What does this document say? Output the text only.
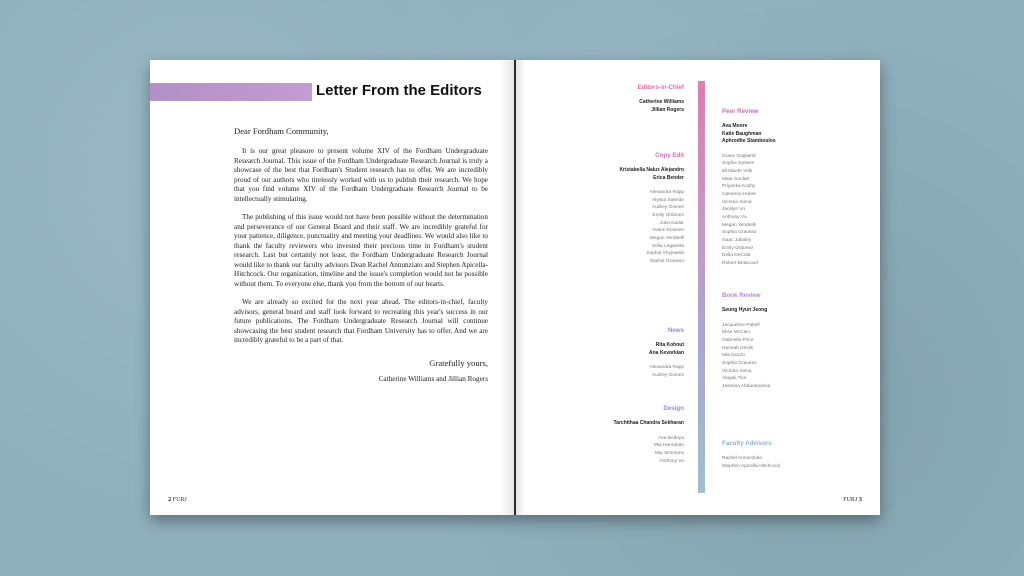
Letter From the Editors
Dear Fordham Community,

It is our great pleasure to present volume XIV of the Fordham Undergraduate Research Journal. This issue of the Fordham Undergraduate Research Journal is truly a showcase of the best that Fordham's Student research has to offer. We are incredibly proud of our authors who tirelessly worked with us to publish their research. We hope that you find volume XIV of the Fordham Undergraduate Research Journal to be intellectually stimulating.

The publishing of this issue would not have been possible without the determination and perseverance of our General Board and their staff. We are incredibly grateful for your patience, diligence, punctuality and meeting your deadlines. We would also like to thank the faculty reviewers who invested their precious time in Fordham's student research. Last but certainly not least, the Fordham Undergraduate Research Journal would like to thank our faculty advisors Dean Rachel Annunziato and Stephen Apicella-Hitchcock. Our organization, timeline and the issue's completion would not be possible without them. To everyone else, thank you from the bottom of our hearts.

We are already so excited for the next year ahead. The editors-in-chief, faculty advisors, general board and staff look forward to recreating this year's success in our future publications. The Fordham Undergraduate Research Journal will continue showcasing the best student research that Fordham University has to offer. And we are incredibly grateful to be a part of that.

Gratefully yours,
Catherine Williams and Jillian Rogers
2 FURJ
Editors-in-Chief
Catherine Williams
Jillian Rogers
Copy Edit
Kristabella Naluz Alejandro
Erica Bender
Alexandra Rapp
Alyssa Salerde
Audrey Gomez
Emily Ordonez
Julia Kadar
Katrin Klassen
Megan Yerabelli
Sofia Leganeta
Sophia Shyjowski
Sophia Grausso
News
Rita Kohout
Ana Kevorkian
Alexandra Rapp
Audrey Gomez
Design
Tarchithaa Chandra Sekharan
Ava Bodoya
Mia Hanrahan
Mia Simmons
Anthony Vu
Peer Review
Ava Moore
Katie Baughman
Aphrodite Stamboulos
Grace Gagliardi
Sophie Epstein
Elizabeth Volk
Maia Goulart
Priyanka Koshy
Cameron Huber
Victoria Siena
Jacklyn Vu
Anthony Vu
Megan Yerabelli
Sophia Grausso
Isaac Jabaley
Emily Ordonez
Della DeCola
Robert Betacourt
Book Review
Seung Hyun Jeong
Jacqueline Pabell
Elise McCain
Gabriella Price
Hannah Devlin
Mia Guzzo
Sophia Grausso
Victoria Siena
Abigail Tice
Jasmina Abdurasulova
Faculty Advisors
Rachel Annunziato
Stephen Apicella-Hitchcock
FURJ 3
